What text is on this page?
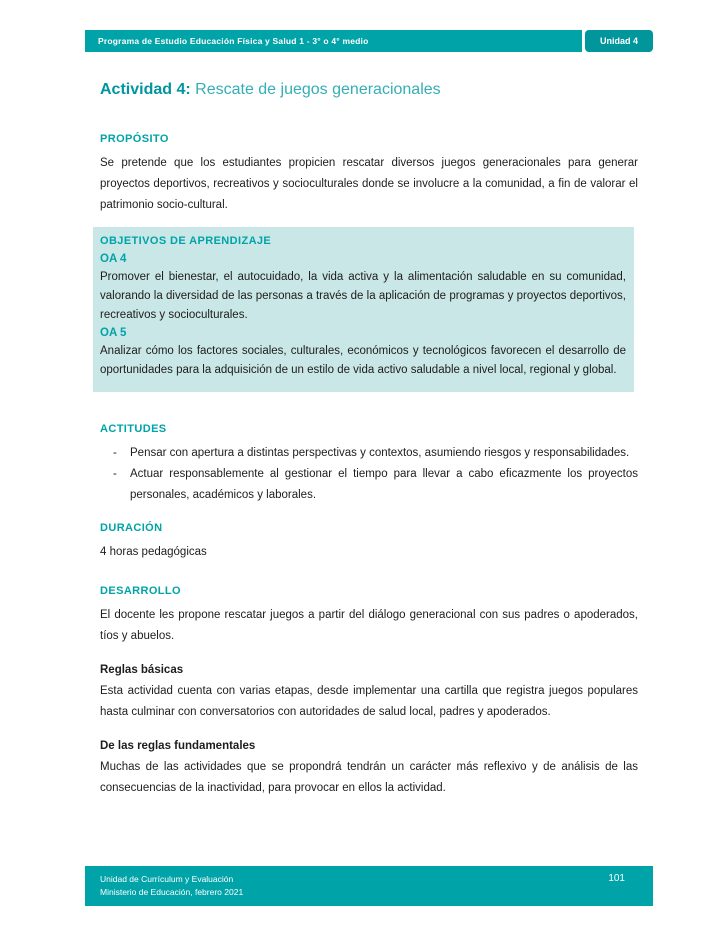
Programa de Estudio Educación Física y Salud 1 - 3° o 4° medio	Unidad 4
Actividad 4: Rescate de juegos generacionales
PROPÓSITO

Se pretende que los estudiantes propicien rescatar diversos juegos generacionales para generar proyectos deportivos, recreativos y socioculturales donde se involucre a la comunidad, a fin de valorar el patrimonio socio-cultural.

OBJETIVOS DE APRENDIZAJE

OA 4

Promover el bienestar, el autocuidado, la vida activa y la alimentación saludable en su comunidad, valorando la diversidad de las personas a través de la aplicación de programas y proyectos deportivos, recreativos y socioculturales.

OA 5

Analizar cómo los factores sociales, culturales, económicos y tecnológicos favorecen el desarrollo de oportunidades para la adquisición de un estilo de vida activo saludable a nivel local, regional y global.

ACTITUDES
-	Pensar con apertura a distintas perspectivas y contextos, asumiendo riesgos y responsabilidades.
-	Actuar responsablemente al gestionar el tiempo para llevar a cabo eficazmente los proyectos personales, académicos y laborales.
DURACIÓN

4 horas pedagógicas

DESARROLLO

El docente les propone rescatar juegos a partir del diálogo generacional con sus padres o apoderados, tíos y abuelos.

Reglas básicas

Esta actividad cuenta con varias etapas, desde implementar una cartilla que registra juegos populares hasta culminar con conversatorios con autoridades de salud local, padres y apoderados.

De las reglas fundamentales

Muchas de las actividades que se propondrá tendrán un carácter más reflexivo y de análisis de las consecuencias de la inactividad, para provocar en ellos la actividad.

Unidad de Currículum y Evaluación
Ministerio de Educación, febrero 2021
101
